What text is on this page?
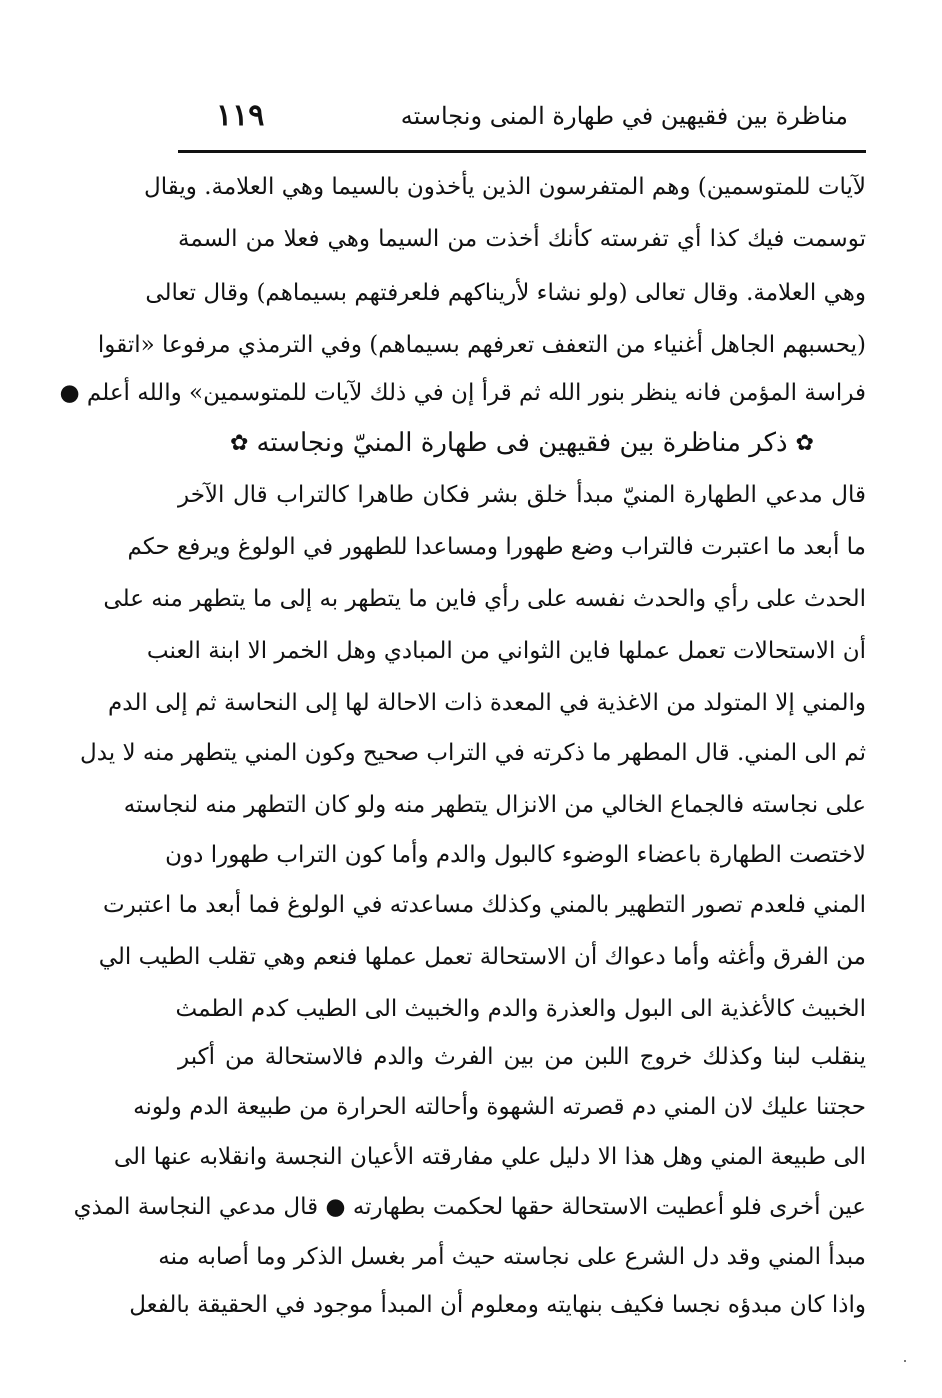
١١٩	مناظرة بين فقيهين في طهارة المنى ونجاسته
لآيات للمتوسمين) وهم المتفرسون الذين يأخذون بالسيما وهي العلامة. ويقال
توسمت فيك كذا أي تفرسته كأنك أخذت من السيما وهي فعلا من السمة
وهي العلامة. وقال تعالى (ولو نشاء لأريناكهم فلعرفتهم بسيماهم) وقال تعالى
(يحسبهم الجاهل أغنياء من التعفف تعرفهم بسيماهم) وفي الترمذي مرفوعا «اتقوا
فراسة المؤمن فانه ينظر بنور الله ثم قرأ إن في ذلك لآيات للمتوسمين» والله أعلم ●
✿ذكر مناظرة بين فقيهين فى طهارة المنيّ ونجاسته✿
قال مدعي الطهارة المنيّ مبدأ خلق بشر فكان طاهرا كالتراب قال الآخر
ما أبعد ما اعتبرت فالتراب وضع طهورا ومساعدا للطهور في الولوغ ويرفع حكم
الحدث على رأي والحدث نفسه على رأي فاين ما يتطهر به إلى ما يتطهر منه على
أن الاستحالات تعمل عملها فاين الثواني من المبادي وهل الخمر الا ابنة العنب
والمني إلا المتولد من الاغذية في المعدة ذات الاحالة لها إلى النحاسة ثم إلى الدم
ثم الى المني. قال المطهر ما ذكرته في التراب صحيح وكون المني يتطهر منه لا يدل
على نجاسته فالجماع الخالي من الانزال يتطهر منه ولو كان التطهر منه لنجاسته
لاختصت الطهارة باعضاء الوضوء كالبول والدم وأما كون التراب طهورا دون
المني فلعدم تصور التطهير بالمني وكذلك مساعدته في الولوغ فما أبعد ما اعتبرت
من الفرق وأغثه وأما دعواك أن الاستحالة تعمل عملها فنعم وهي تقلب الطيب الي
الخبيث كالأغذية الى البول والعذرة والدم والخبيث الى الطيب كدم الطمث
ينقلب لبنا وكذلك خروج اللبن من بين الفرث والدم فالاستحالة من أكبر
حجتنا عليك لان المني دم قصرته الشهوة وأحالته الحرارة من طبيعة الدم ولونه
الى طبيعة المني وهل هذا الا دليل علي مفارقته الأعيان النجسة وانقلابه عنها الى
عين أخرى فلو أعطيت الاستحالة حقها لحكمت بطهارته ● قال مدعي النجاسة المذي
مبدأ المني وقد دل الشرع على نجاسته حيث أمر بغسل الذكر وما أصابه منه
واذا كان مبدؤه نجسا فكيف بنهايته ومعلوم أن المبدأ موجود في الحقيقة بالفعل
